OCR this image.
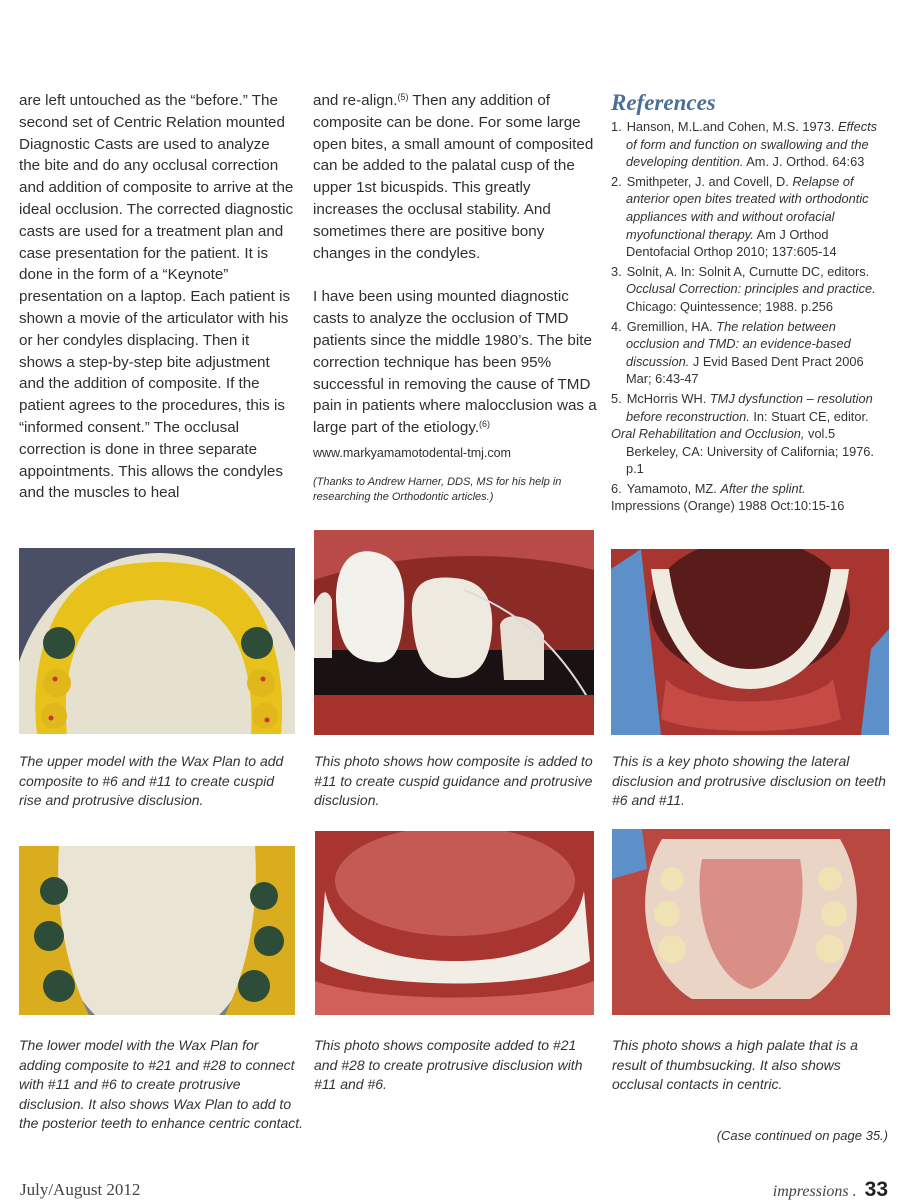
are left untouched as the “before.” The second set of Centric Relation mounted Diagnostic Casts are used to analyze the bite and do any occlusal correction and addition of composite to arrive at the ideal occlusion. The corrected diagnostic casts are used for a treatment plan and case presentation for the patient. It is done in the form of a “Keynote” presentation on a laptop. Each patient is shown a movie of the articulator with his or her condyles displacing. Then it shows a step-by-step bite adjustment and the addition of composite. If the patient agrees to the procedures, this is “informed consent.” The occlusal correction is done in three separate appointments. This allows the condyles and the muscles to heal

and re-align.$^{(5)}$ Then any addition of composite can be done. For some large open bites, a small amount of composited can be added to the palatal cusp of the upper 1st bicuspids. This greatly increases the occlusal stability. And sometimes there are positive bony changes in the condyles.

I have been using mounted diagnostic casts to analyze the occlusion of TMD patients since the middle 1980’s. The bite correction technique has been 95% successful in removing the cause of TMD pain in patients where malocclusion was a large part of the etiology.$^{(6)}$

www.markyamamotodental-tmj.com

(Thanks to Andrew Harner, DDS, MS for his help in researching the Orthodontic articles.)

References
1. Hanson, M.L.and Cohen, M.S. 1973. Effects of form and function on swallowing and the developing dentition. Am. J. Orthod. 64:63
2. Smithpeter, J. and Covell, D. Relapse of anterior open bites treated with orthodontic appliances with and without orofacial myofunctional therapy. Am J Orthod Dentofacial Orthop 2010; 137:605-14
3. Solnit, A. In: Solnit A, Curnutte DC, editors. Occlusal Correction: principles and practice. Chicago: Quintessence; 1988. p.256
4. Gremillion, HA. The relation between occlusion and TMD: an evidence-based discussion. J Evid Based Dent Pract 2006 Mar; 6:43-47
5. McHorris WH. TMJ dysfunction – resolution before reconstruction. In: Stuart CE, editor.
Oral Rehabilitation and Occlusion, vol.5 Berkeley, CA: University of California; 1976. p.1
6. Yamamoto, MZ. After the splint.
Impressions (Orange) 1988 Oct:10:15-16
The upper model with the Wax Plan to add composite to #6 and #11 to create cuspid rise and protrusive disclusion.
This photo shows how composite is added to #11 to create cuspid guidance and protrusive disclusion.
This is a key photo showing the lateral disclusion and protrusive disclusion on teeth #6 and #11.
The lower model with the Wax Plan for adding composite to #21 and #28 to connect with #11 and #6 to create protrusive disclusion. It also shows Wax Plan to add to the posterior teeth to enhance centric contact.
This photo shows composite added to #21 and #28 to create protrusive disclusion with #11 and #6.
This photo shows a high palate that is a result of thumbsucking. It also shows occlusal contacts in centric.
(Case continued on page 35.)
July/August 2012	impressions . 33
